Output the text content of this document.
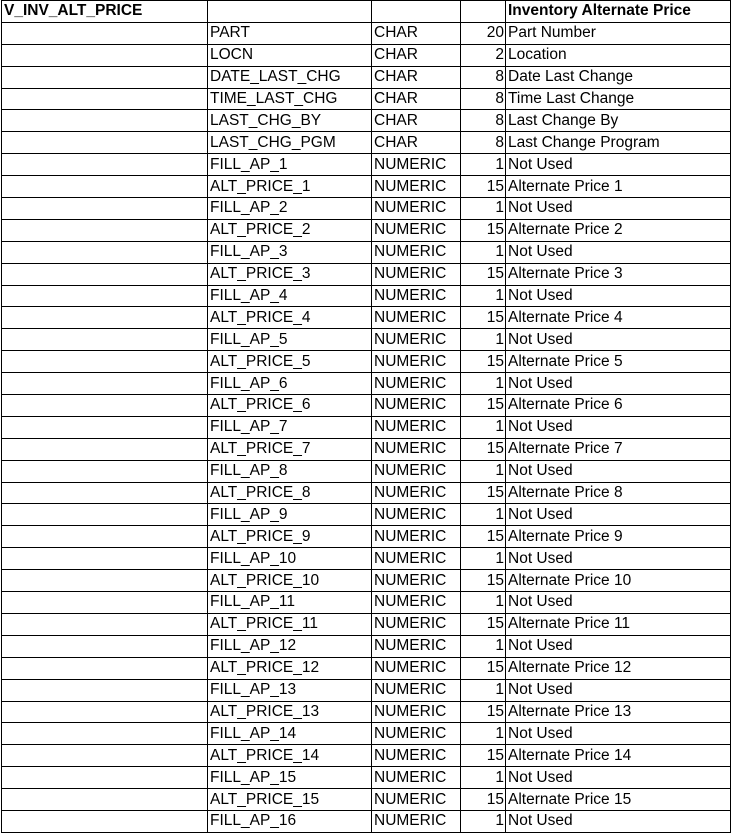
V_INV_ALT_PRICE				Inventory Alternate Price
	PART	CHAR	20	Part Number
	LOCN	CHAR	2	Location
	DATE_LAST_CHG	CHAR	8	Date Last Change
	TIME_LAST_CHG	CHAR	8	Time Last Change
	LAST_CHG_BY	CHAR	8	Last Change By
	LAST_CHG_PGM	CHAR	8	Last Change Program
	FILL_AP_1	NUMERIC	1	Not Used
	ALT_PRICE_1	NUMERIC	15	Alternate Price 1
	FILL_AP_2	NUMERIC	1	Not Used
	ALT_PRICE_2	NUMERIC	15	Alternate Price 2
	FILL_AP_3	NUMERIC	1	Not Used
	ALT_PRICE_3	NUMERIC	15	Alternate Price 3
	FILL_AP_4	NUMERIC	1	Not Used
	ALT_PRICE_4	NUMERIC	15	Alternate Price 4
	FILL_AP_5	NUMERIC	1	Not Used
	ALT_PRICE_5	NUMERIC	15	Alternate Price 5
	FILL_AP_6	NUMERIC	1	Not Used
	ALT_PRICE_6	NUMERIC	15	Alternate Price 6
	FILL_AP_7	NUMERIC	1	Not Used
	ALT_PRICE_7	NUMERIC	15	Alternate Price 7
	FILL_AP_8	NUMERIC	1	Not Used
	ALT_PRICE_8	NUMERIC	15	Alternate Price 8
	FILL_AP_9	NUMERIC	1	Not Used
	ALT_PRICE_9	NUMERIC	15	Alternate Price 9
	FILL_AP_10	NUMERIC	1	Not Used
	ALT_PRICE_10	NUMERIC	15	Alternate Price 10
	FILL_AP_11	NUMERIC	1	Not Used
	ALT_PRICE_11	NUMERIC	15	Alternate Price 11
	FILL_AP_12	NUMERIC	1	Not Used
	ALT_PRICE_12	NUMERIC	15	Alternate Price 12
	FILL_AP_13	NUMERIC	1	Not Used
	ALT_PRICE_13	NUMERIC	15	Alternate Price 13
	FILL_AP_14	NUMERIC	1	Not Used
	ALT_PRICE_14	NUMERIC	15	Alternate Price 14
	FILL_AP_15	NUMERIC	1	Not Used
	ALT_PRICE_15	NUMERIC	15	Alternate Price 15
	FILL_AP_16	NUMERIC	1	Not Used
